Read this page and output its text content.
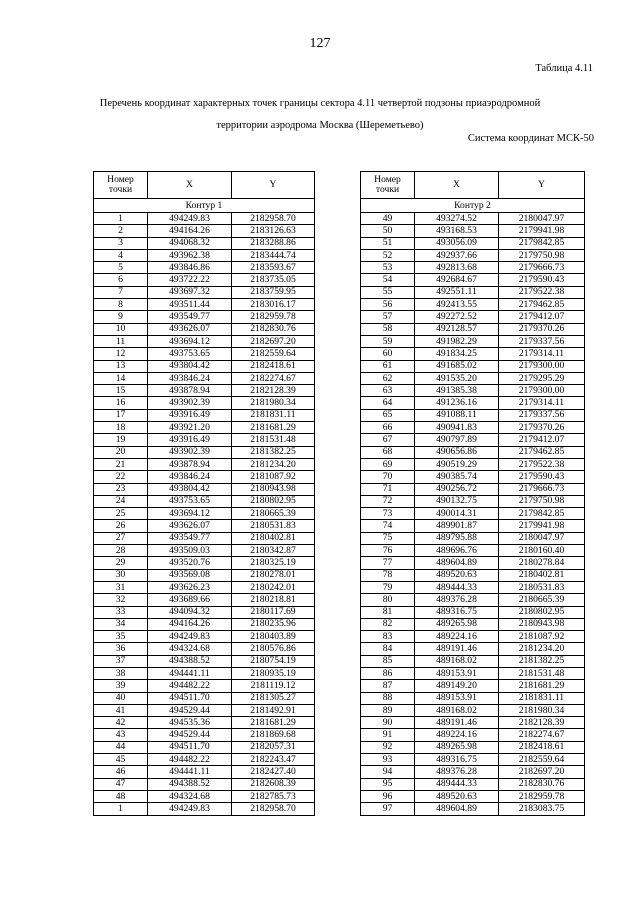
127
Таблица 4.11
Перечень координат характерных точек границы сектора 4.11 четвертой подзоны приаэродромной
территории аэродрома Москва (Шереметьево)
Система координат МСК-50
Номер
точки	X	Y
Контур 1		
1	494249.83	2182958.70
2	494164.26	2183126.63
3	494068.32	2183288.86
4	493962.38	2183444.74
5	493846.86	2183593.67
6	493722.22	2183735.05
7	493697.32	2183759.95
8	493511.44	2183016.17
9	493549.77	2182959.78
10	493626.07	2182830.76
11	493694.12	2182697.20
12	493753.65	2182559.64
13	493804.42	2182418.61
14	493846.24	2182274.67
15	493878.94	2182128.39
16	493902.39	2181980.34
17	493916.49	2181831.11
18	493921.20	2181681.29
19	493916.49	2181531.48
20	493902.39	2181382.25
21	493878.94	2181234.20
22	493846.24	2181087.92
23	493804.42	2180943.98
24	493753.65	2180802.95
25	493694.12	2180665.39
26	493626.07	2180531.83
27	493549.77	2180402.81
28	493509.03	2180342.87
29	493520.76	2180325.19
30	493569.08	2180278.01
31	493626.23	2180242.01
32	493689.66	2180218.81
33	494094.32	2180117.69
34	494164.26	2180235.96
35	494249.83	2180403.89
36	494324.68	2180576.86
37	494388.52	2180754.19
38	494441.11	2180935.19
39	494482.22	2181119.12
40	494511.70	2181305.27
41	494529.44	2181492.91
42	494535.36	2181681.29
43	494529.44	2181869.68
44	494511.70	2182057.31
45	494482.22	2182243.47
46	494441.11	2182427.40
47	494388.52	2182608.39
48	494324.68	2182785.73
1	494249.83	2182958.70
Номер
точки	X	Y
Контур 2		
49	493274.52	2180047.97
50	493168.53	2179941.98
51	493056.09	2179842.85
52	492937.66	2179750.98
53	492813.68	2179666.73
54	492684.67	2179590.43
55	492551.11	2179522.38
56	492413.55	2179462.85
57	492272.52	2179412.07
58	492128.57	2179370.26
59	491982.29	2179337.56
60	491834.25	2179314.11
61	491685.02	2179300.00
62	491535.20	2179295.29
63	491385.38	2179300.00
64	491236.16	2179314.11
65	491088.11	2179337.56
66	490941.83	2179370.26
67	490797.89	2179412.07
68	490656.86	2179462.85
69	490519.29	2179522.38
70	490385.74	2179590.43
71	490256.72	2179666.73
72	490132.75	2179750.98
73	490014.31	2179842.85
74	489901.87	2179941.98
75	489795.88	2180047.97
76	489696.76	2180160.40
77	489604.89	2180278.84
78	489520.63	2180402.81
79	489444.33	2180531.83
80	489376.28	2180665.39
81	489316.75	2180802.95
82	489265.98	2180943.98
83	489224.16	2181087.92
84	489191.46	2181234.20
85	489168.02	2181382.25
86	489153.91	2181531.48
87	489149.20	2181681.29
88	489153.91	2181831.11
89	489168.02	2181980.34
90	489191.46	2182128.39
91	489224.16	2182274.67
92	489265.98	2182418.61
93	489316.75	2182559.64
94	489376.28	2182697.20
95	489444.33	2182830.76
96	489520.63	2182959.78
97	489604.89	2183083.75
